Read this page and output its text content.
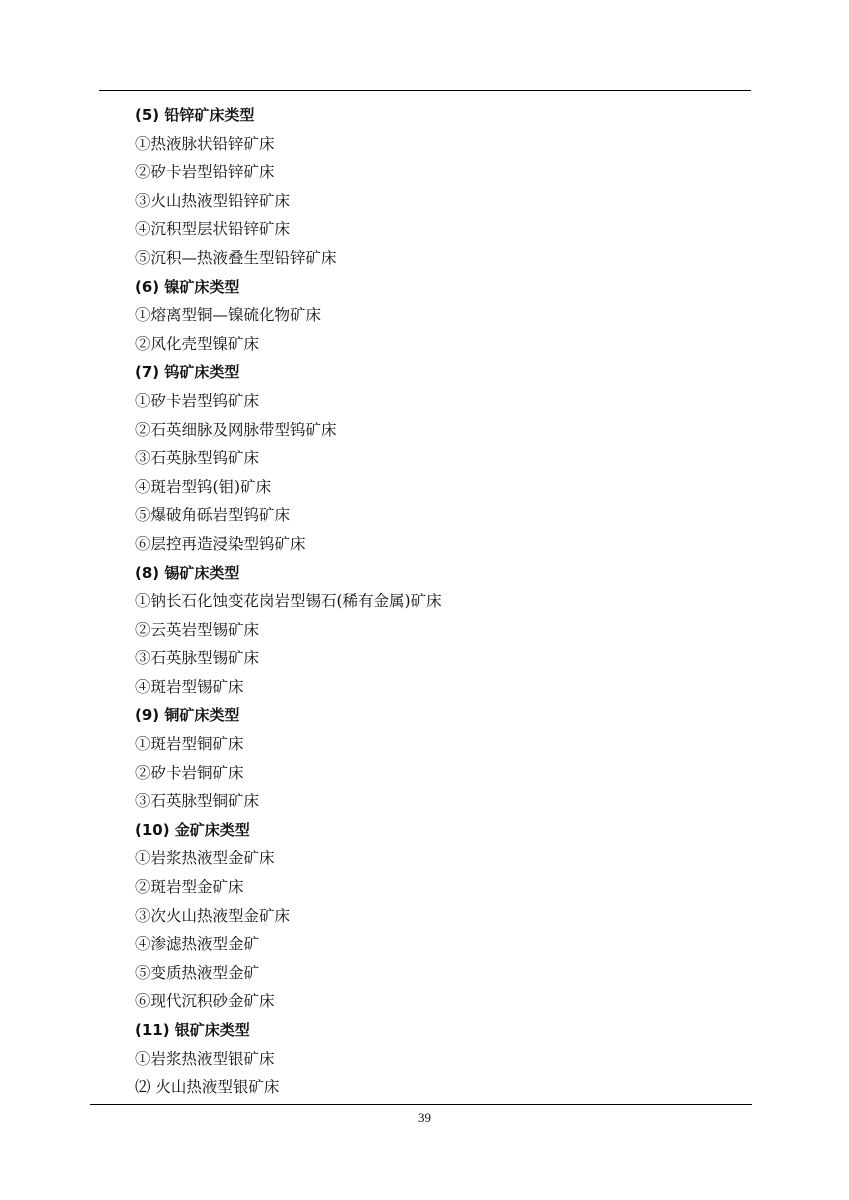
(5) 铅锌矿床类型
①热液脉状铅锌矿床
②矽卡岩型铅锌矿床
③火山热液型铅锌矿床
④沉积型层状铅锌矿床
⑤沉积—热液叠生型铅锌矿床
(6) 镍矿床类型
①熔离型铜—镍硫化物矿床
②风化壳型镍矿床
(7) 钨矿床类型
①矽卡岩型钨矿床
②石英细脉及网脉带型钨矿床
③石英脉型钨矿床
④斑岩型钨(钼)矿床
⑤爆破角砾岩型钨矿床
⑥层控再造浸染型钨矿床
(8) 锡矿床类型
①钠长石化蚀变花岗岩型锡石(稀有金属)矿床
②云英岩型锡矿床
③石英脉型锡矿床
④斑岩型锡矿床
(9) 铜矿床类型
①斑岩型铜矿床
②矽卡岩铜矿床
③石英脉型铜矿床
(10) 金矿床类型
①岩浆热液型金矿床
②斑岩型金矿床
③次火山热液型金矿床
④渗滤热液型金矿
⑤变质热液型金矿
⑥现代沉积砂金矿床
(11) 银矿床类型
①岩浆热液型银矿床
⑵ 火山热液型银矿床
39
